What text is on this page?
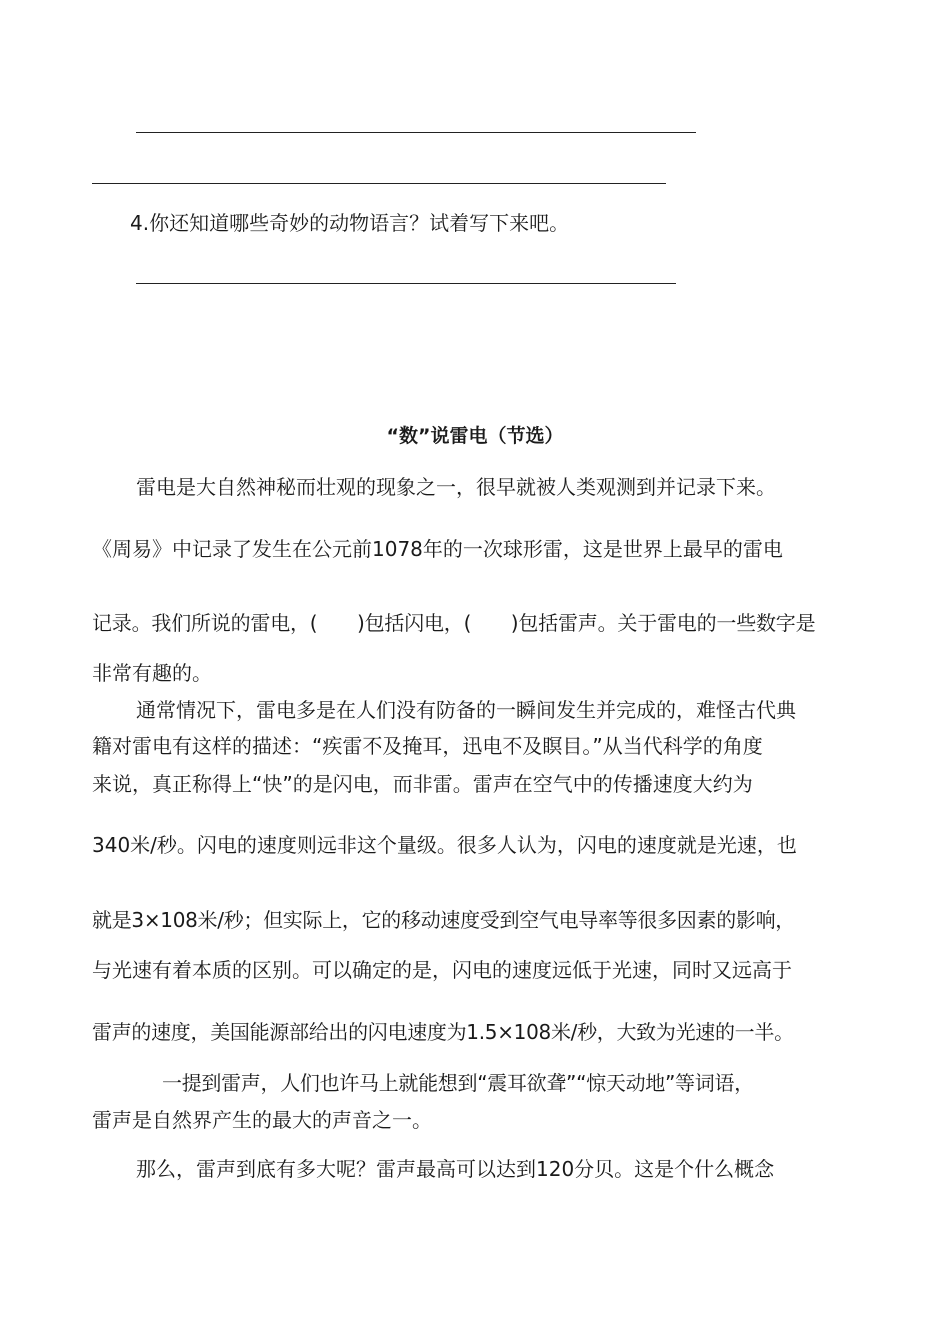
4.你还知道哪些奇妙的动物语言？试着写下来吧。
“数”说雷电（节选）
雷电是大自然神秘而壮观的现象之一，很早就被人类观测到并记录下来。
《周易》中记录了发生在公元前1078年的一次球形雷，这是世界上最早的雷电
记录。我们所说的雷电，(　　)包括闪电，(　　)包括雷声。关于雷电的一些数字是
非常有趣的。
通常情况下，雷电多是在人们没有防备的一瞬间发生并完成的，难怪古代典
籍对雷电有这样的描述：“疾雷不及掩耳，迅电不及瞑目。”从当代科学的角度
来说，真正称得上“快”的是闪电，而非雷。雷声在空气中的传播速度大约为
340米/秒。闪电的速度则远非这个量级。很多人认为，闪电的速度就是光速，也
就是3×108米/秒；但实际上，它的移动速度受到空气电导率等很多因素的影响，
与光速有着本质的区别。可以确定的是，闪电的速度远低于光速，同时又远高于
雷声的速度，美国能源部给出的闪电速度为1.5×108米/秒，大致为光速的一半。
一提到雷声，人们也许马上就能想到“震耳欲聋”“惊天动地”等词语，
雷声是自然界产生的最大的声音之一。
那么，雷声到底有多大呢？雷声最高可以达到120分贝。这是个什么概念
